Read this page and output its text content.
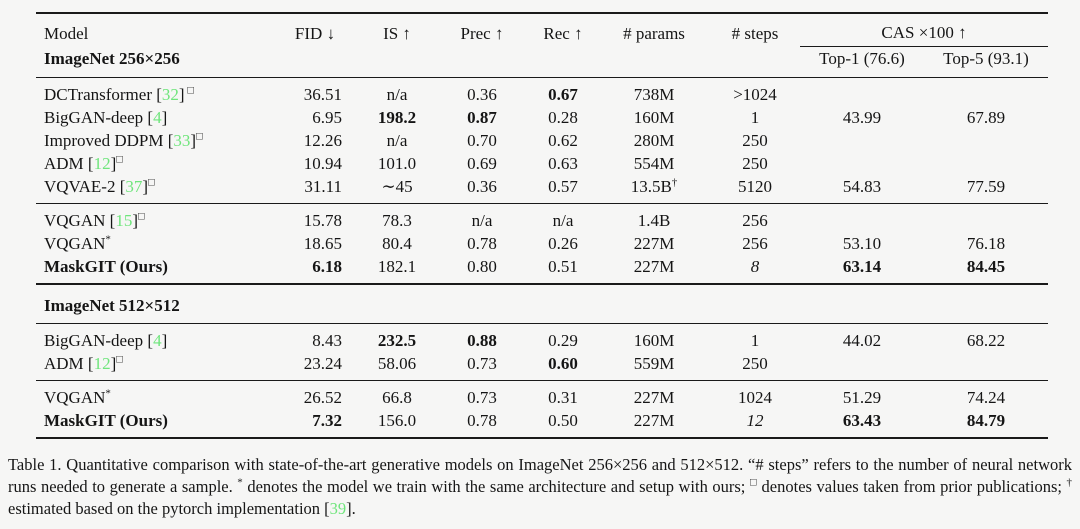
Model	FID ↓	IS ↑	Prec ↑	Rec ↑	# params	# steps	CAS ×100 ↑	
ImageNet 256×256							Top-1 (76.6)	Top-5 (93.1)
DCTransformer [32] □	36.51	n/a	0.36	0.67	738M	>1024		
BigGAN-deep [4]	6.95	198.2	0.87	0.28	160M	1	43.99	67.89
Improved DDPM [33]□	12.26	n/a	0.70	0.62	280M	250		
ADM [12]□	10.94	101.0	0.69	0.63	554M	250		
VQVAE-2 [37]□	31.11	∼45	0.36	0.57	13.5B†	5120	54.83	77.59
VQGAN [15]□	15.78	78.3	n/a	n/a	1.4B	256		
VQGAN*	18.65	80.4	0.78	0.26	227M	256	53.10	76.18
MaskGIT (Ours)	6.18	182.1	0.80	0.51	227M	8	63.14	84.45
ImageNet 512×512								
BigGAN-deep [4]	8.43	232.5	0.88	0.29	160M	1	44.02	68.22
ADM [12]□	23.24	58.06	0.73	0.60	559M	250		
VQGAN*	26.52	66.8	0.73	0.31	227M	1024	51.29	74.24
MaskGIT (Ours)	7.32	156.0	0.78	0.50	227M	12	63.43	84.79
Table 1. Quantitative comparison with state-of-the-art generative models on ImageNet 256×256 and 512×512. “# steps” refers to the number of neural network runs needed to generate a sample. * denotes the model we train with the same architecture and setup with ours; □ denotes values taken from prior publications; † estimated based on the pytorch implementation [39].
